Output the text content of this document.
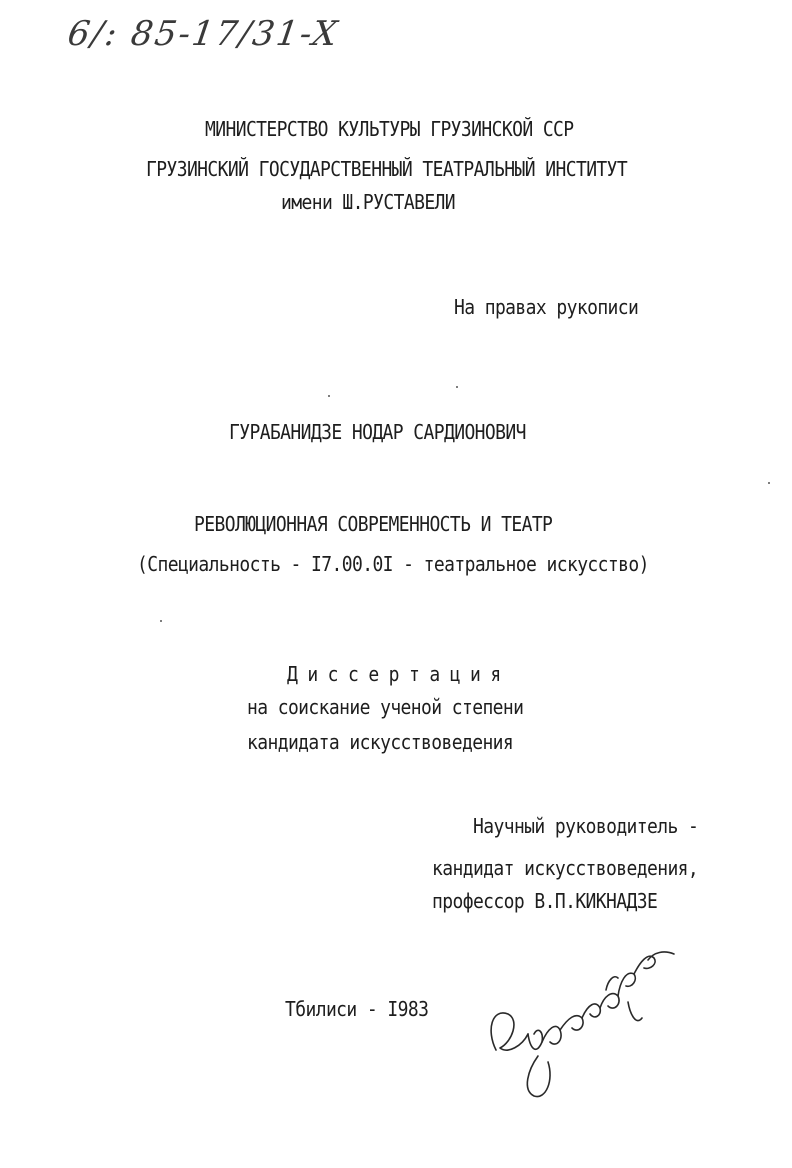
6/: 85-17/31-X
МИНИСТЕРСТВО КУЛЬТУРЫ ГРУЗИНСКОЙ ССР
ГРУЗИНСКИЙ ГОСУДАРСТВЕННЫЙ ТЕАТРАЛЬНЫЙ ИНСТИТУТ
имени Ш.РУСТАВЕЛИ
На правах рукописи
ГУРАБАНИДЗЕ НОДАР САРДИОНОВИЧ
РЕВОЛЮЦИОННАЯ СОВРЕМЕННОСТЬ И ТЕАТР
(Специальность - I7.00.0I - театральное искусство)
Диссертация
на соискание ученой степени
кандидата искусствоведения
Научный руководитель -
кандидат искусствоведения,
профессор В.П.КИКНАДЗЕ
Тбилиси - I983
